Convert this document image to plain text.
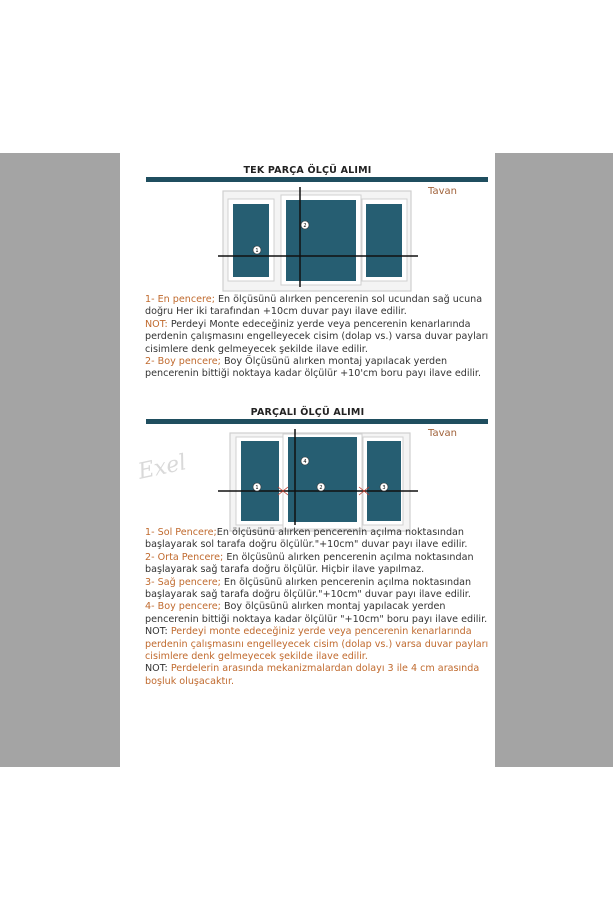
TEK PARÇA ÖLÇÜ ALIMI
Tavan
1
2

1- En pencere; En ölçüsünü alırken pencerenin sol ucundan sağ ucuna doğru Her iki tarafından +10cm duvar payı ilave edilir.

NOT: Perdeyi Monte edeceğiniz yerde veya pencerenin kenarlarında perdenin çalışmasını engelleyecek cisim (dolap vs.) varsa duvar payları cisimlere denk gelmeyecek şekilde ilave edilir.

2- Boy pencere; Boy Ölçüsünü alırken montaj yapılacak yerden pencerenin bittiği noktaya kadar ölçülür +10'cm boru payı ilave edilir.

PARÇALI ÖLÇÜ ALIMI
Tavan
Exel
1	2	3
4

1- Sol Pencere;En ölçüsünü alırken pencerenin açılma noktasından başlayarak sol tarafa doğru ölçülür."+10cm" duvar payı ilave edilir.

2- Orta Pencere; En ölçüsünü alırken pencerenin açılma noktasından başlayarak sağ tarafa doğru ölçülür. Hiçbir ilave yapılmaz.

3- Sağ pencere; En ölçüsünü alırken pencerenin açılma noktasından başlayarak sağ tarafa doğru ölçülür."+10cm" duvar payı ilave edilir.

4- Boy pencere; Boy ölçüsünü alırken montaj yapılacak yerden pencerenin bittiği noktaya kadar ölçülür "+10cm" boru payı ilave edilir.

NOT: Perdeyi monte edeceğiniz yerde veya pencerenin kenarlarında perdenin çalışmasını engelleyecek cisim (dolap vs.) varsa duvar payları cisimlere denk gelmeyecek şekilde ilave edilir.

NOT: Perdelerin arasında mekanizmalardan dolayı 3 ile 4 cm arasında boşluk oluşacaktır.
